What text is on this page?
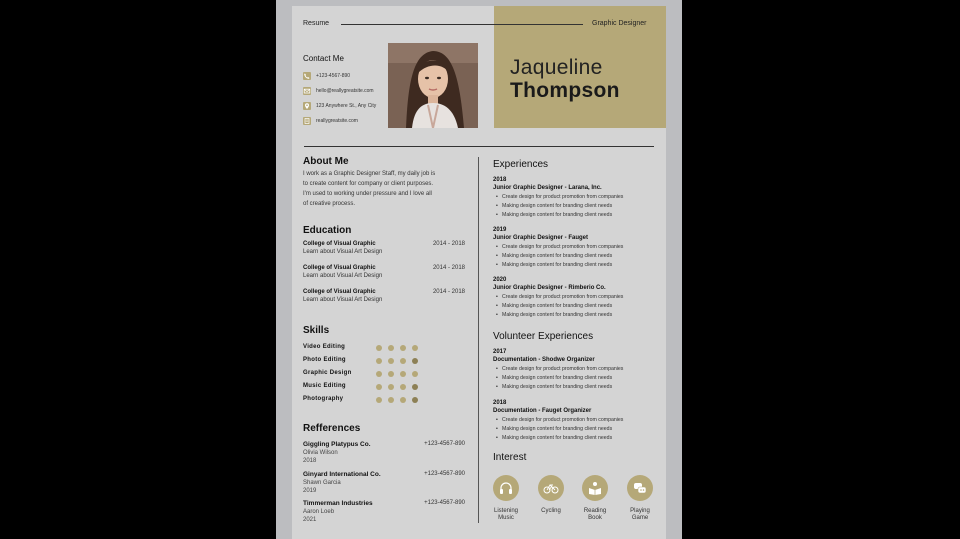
Resume	Graphic Designer
Jaqueline
Thompson
Contact Me
+123-4567-890
hello@reallygreatsite.com
123 Anywhere St., Any City
reallygreatsite.com
About Me
I work as a Graphic Designer Staff, my daily job is
to create content for company or client purposes.
I'm used to working under pressure and I love all
of creative process.
Education
College of Visual Graphic	2014 - 2018
Learn about Visual Art Design
College of Visual Graphic	2014 - 2018
Learn about Visual Art Design
College of Visual Graphic	2014 - 2018
Learn about Visual Art Design
Skills
Video Editing
Photo Editing
Graphic Design
Music Editing
Photography
Refferences
Giggling Platypus Co.	+123-4567-890
Olivia Wilson
2018
Ginyard International Co.	+123-4567-890
Shawn Garcia
2019
Timmerman Industries	+123-4567-890
Aaron Loeb
2021
Experiences
2018
Junior Graphic Designer - Larana, Inc.
• Create design for product promotion from companies
• Making design content for branding client needs
• Making design content for branding client needs
2019
Junior Graphic Designer - Fauget
• Create design for product promotion from companies
• Making design content for branding client needs
• Making design content for branding client needs
2020
Junior Graphic Designer - Rimberio Co.
• Create design for product promotion from companies
• Making design content for branding client needs
• Making design content for branding client needs
Volunteer Experiences
2017
Documentation - Shodwe Organizer
• Create design for product promotion from companies
• Making design content for branding client needs
• Making design content for branding client needs
2018
Documentation - Fauget Organizer
• Create design for product promotion from companies
• Making design content for branding client needs
• Making design content for branding client needs
Interest
Listening
Music
Cycling	Reading
Book
Playing
Game
